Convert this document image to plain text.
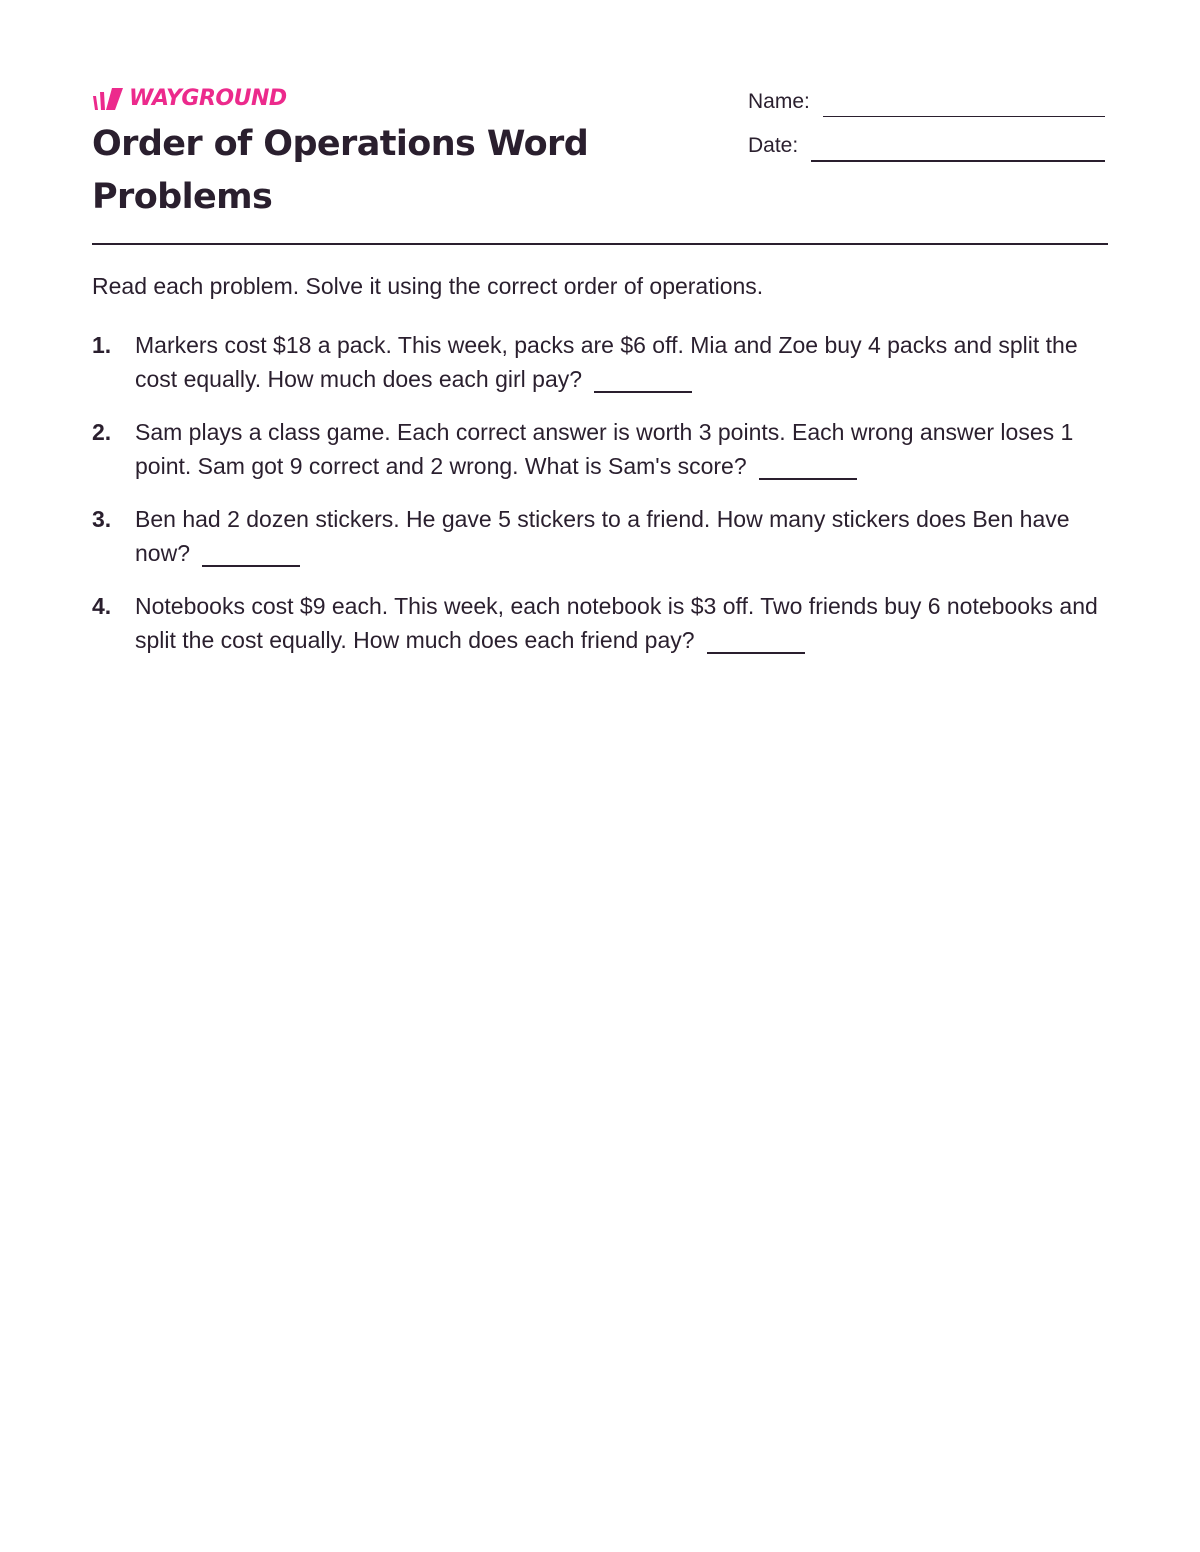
WAYGROUND
Order of Operations Word Problems
Name:
Date:

Read each problem. Solve it using the correct order of operations.

1. Markers cost $18 a pack. This week, packs are $6 off. Mia and Zoe buy 4 packs and split the cost equally. How much does each girl pay?
2. Sam plays a class game. Each correct answer is worth 3 points. Each wrong answer loses 1 point. Sam got 9 correct and 2 wrong. What is Sam's score?
3. Ben had 2 dozen stickers. He gave 5 stickers to a friend. How many stickers does Ben have now?
4. Notebooks cost $9 each. This week, each notebook is $3 off. Two friends buy 6 notebooks and split the cost equally. How much does each friend pay?
